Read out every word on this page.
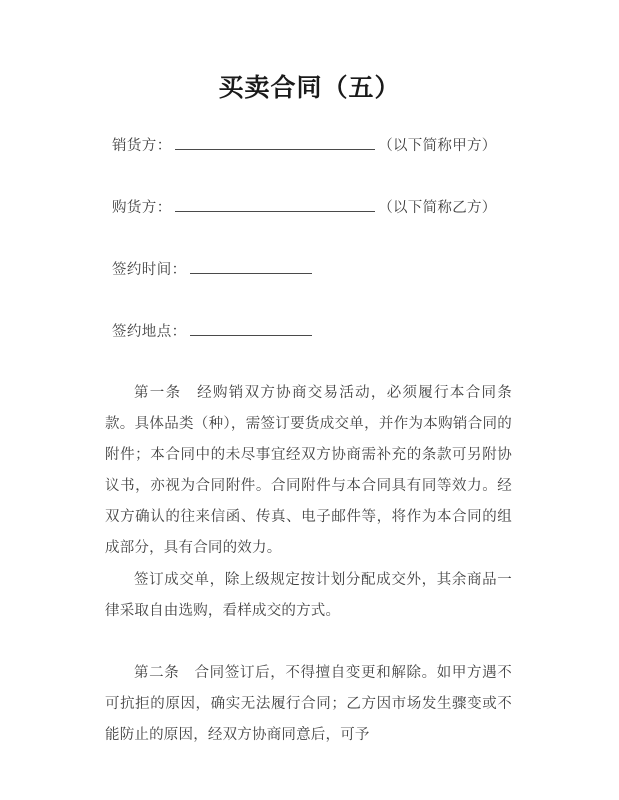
买卖合同（五）
销货方 ：	（以下简称甲方）
购货方 ：	（以下简称乙方）
签约时间 ：
签约地点 ：

第一条　经购销双方协商交易活动，必须履行本合同条款。具体品类（种），需签订要货成交单，并作为本购销合同的附件；本合同中的未尽事宜经双方协商需补充的条款可另附协议书，亦视为合同附件。合同附件与本合同具有同等效力。经双方确认的往来信函、传真、电子邮件等，将作为本合同的组成部分，具有合同的效力。

签订成交单，除上级规定按计划分配成交外，其余商品一律采取自由选购，看样成交的方式。

第二条　合同签订后，不得擅自变更和解除。如甲方遇不可抗拒的原因，确实无法履行合同；乙方因市场发生骤变或不能防止的原因，经双方协商同意后，可予
